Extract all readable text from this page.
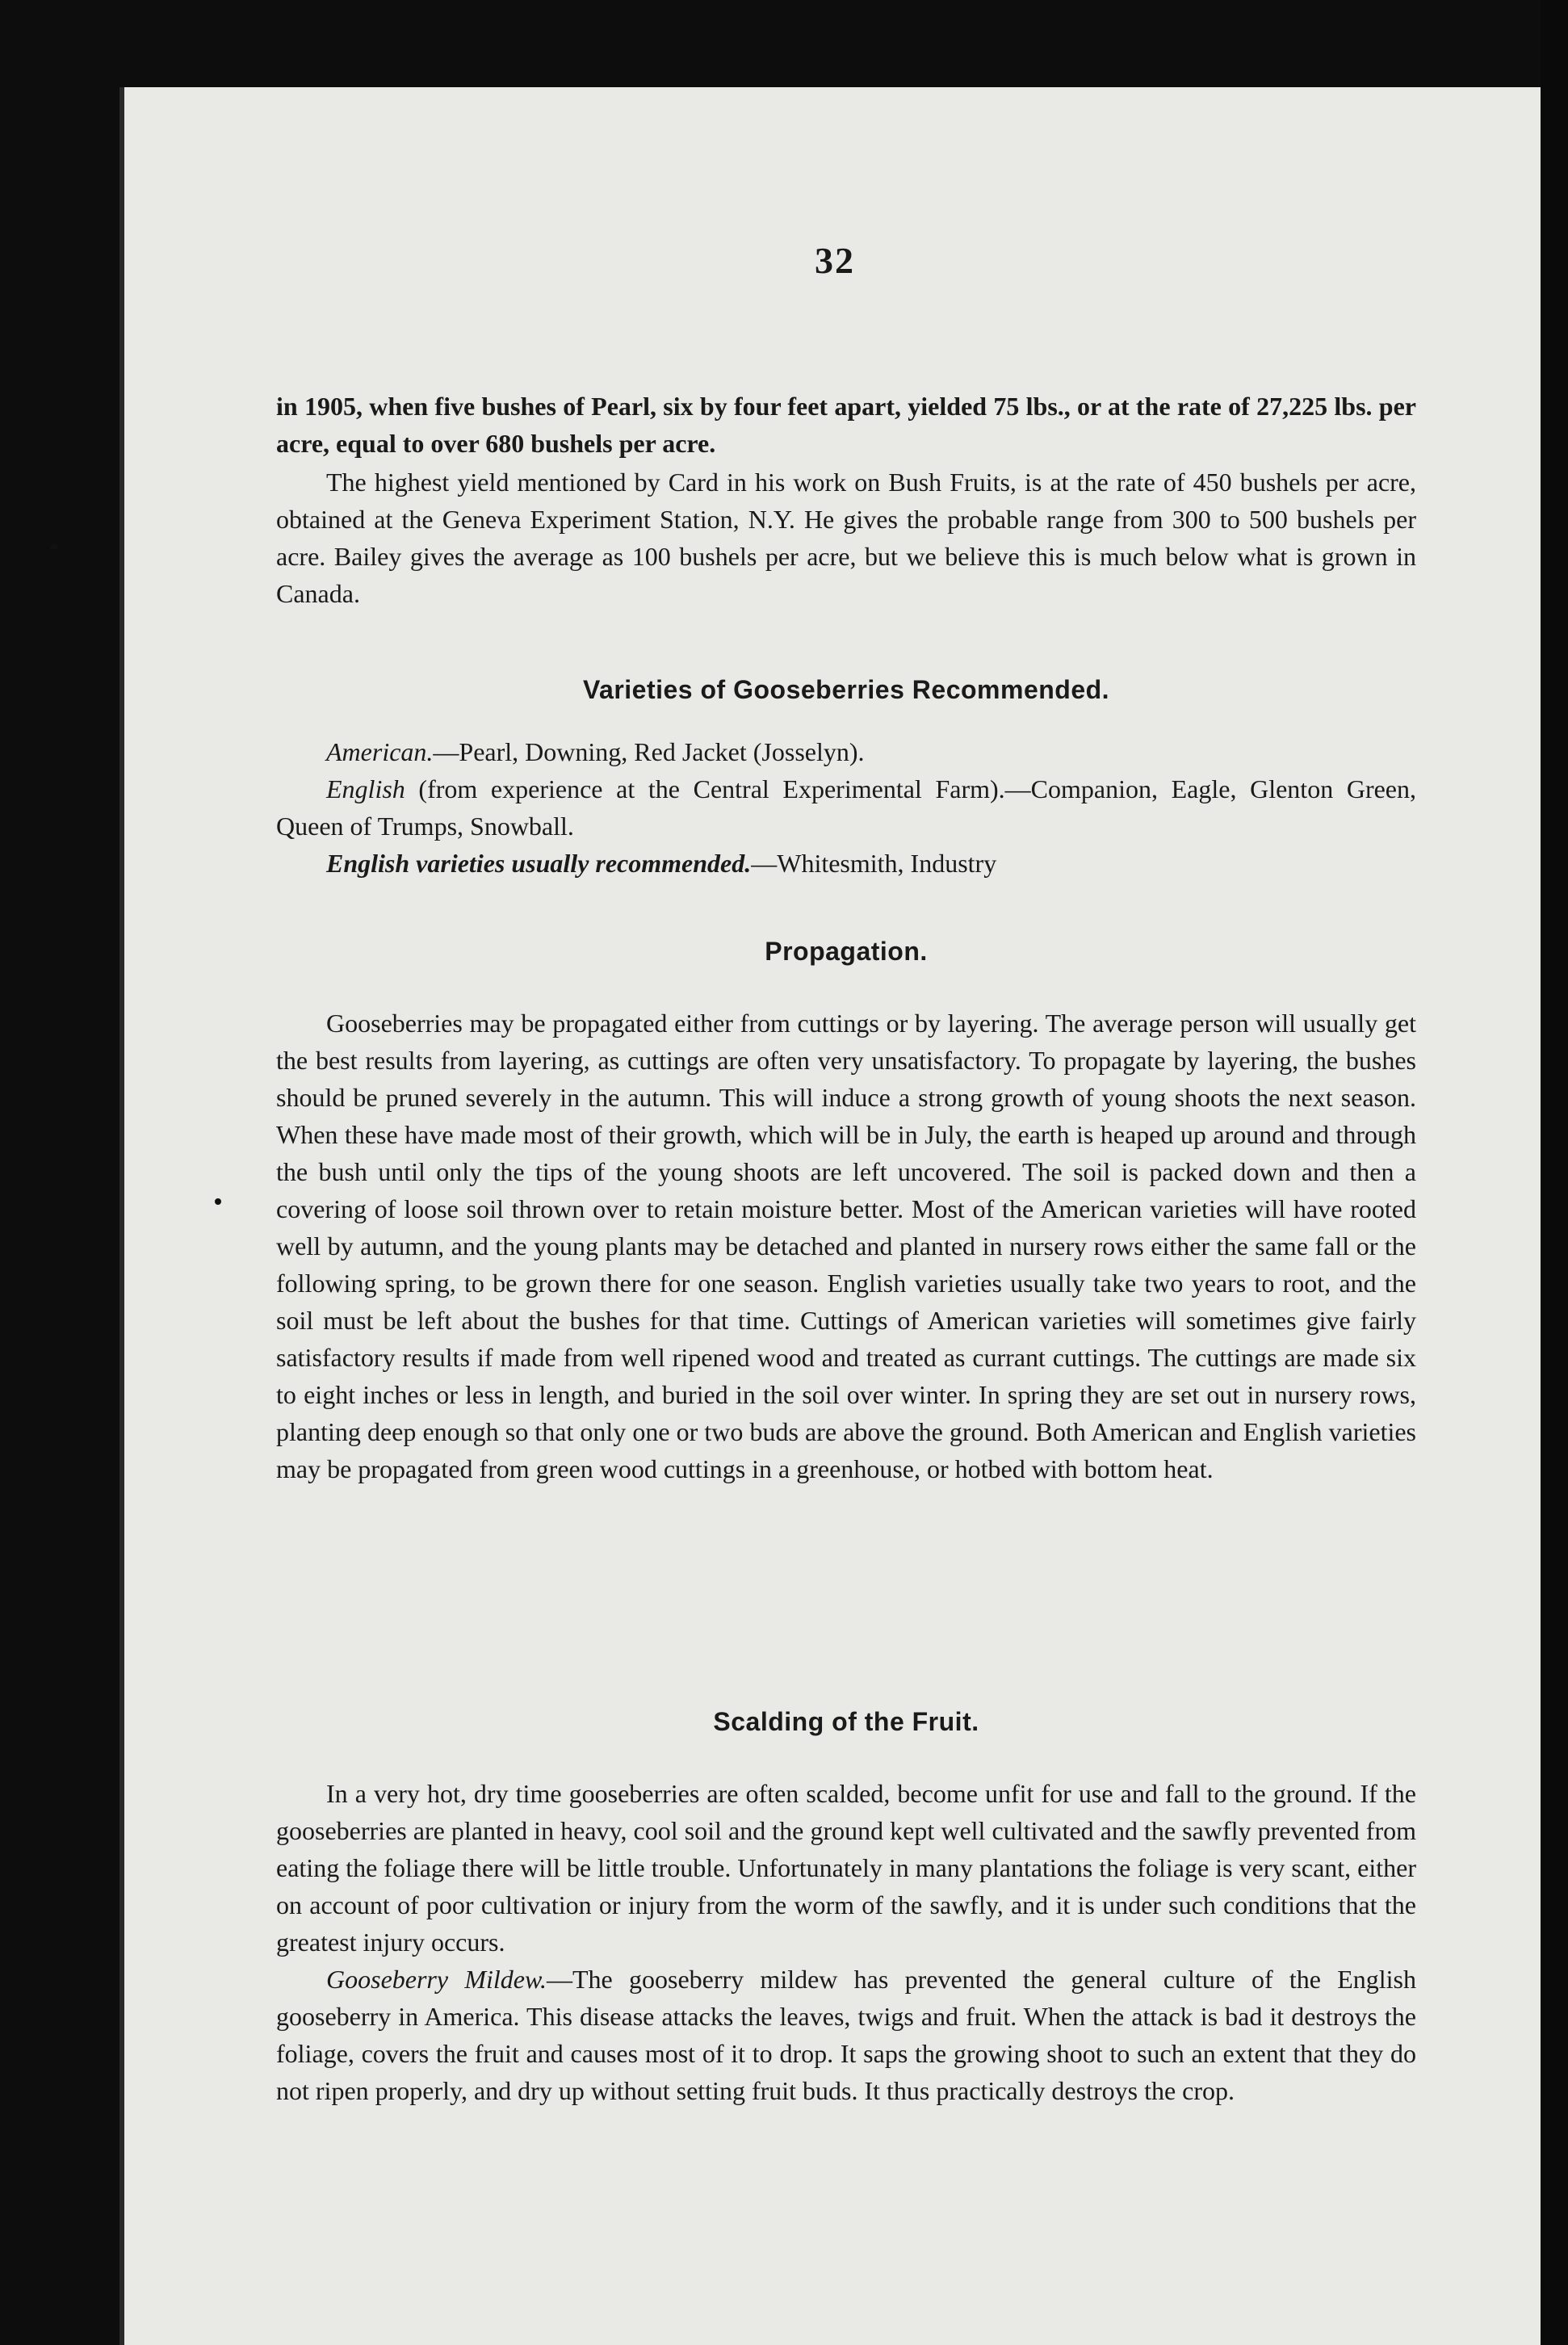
32

in 1905, when five bushes of Pearl, six by four feet apart, yielded 75 lbs., or at the rate of 27,225 lbs. per acre, equal to over 680 bushels per acre.

The highest yield mentioned by Card in his work on Bush Fruits, is at the rate of 450 bushels per acre, obtained at the Geneva Experiment Station, N.Y. He gives the probable range from 300 to 500 bushels per acre. Bailey gives the average as 100 bushels per acre, but we believe this is much below what is grown in Canada.

Varieties of Gooseberries Recommended.

American.—Pearl, Downing, Red Jacket (Josselyn).

English (from experience at the Central Experimental Farm).—Companion, Eagle, Glenton Green, Queen of Trumps, Snowball.

English varieties usually recommended.—Whitesmith, Industry

Propagation.

Gooseberries may be propagated either from cuttings or by layering. The average person will usually get the best results from layering, as cuttings are often very unsatisfactory. To propagate by layering, the bushes should be pruned severely in the autumn. This will induce a strong growth of young shoots the next season. When these have made most of their growth, which will be in July, the earth is heaped up around and through the bush until only the tips of the young shoots are left uncovered. The soil is packed down and then a covering of loose soil thrown over to retain moisture better. Most of the American varieties will have rooted well by autumn, and the young plants may be detached and planted in nursery rows either the same fall or the following spring, to be grown there for one season. English varieties usually take two years to root, and the soil must be left about the bushes for that time. Cuttings of American varieties will sometimes give fairly satisfactory results if made from well ripened wood and treated as currant cuttings. The cuttings are made six to eight inches or less in length, and buried in the soil over winter. In spring they are set out in nursery rows, planting deep enough so that only one or two buds are above the ground. Both American and English varieties may be propagated from green wood cuttings in a greenhouse, or hotbed with bottom heat.

Scalding of the Fruit.

In a very hot, dry time gooseberries are often scalded, become unfit for use and fall to the ground. If the gooseberries are planted in heavy, cool soil and the ground kept well cultivated and the sawfly prevented from eating the foliage there will be little trouble. Unfortunately in many plantations the foliage is very scant, either on account of poor cultivation or injury from the worm of the sawfly, and it is under such conditions that the greatest injury occurs.

Gooseberry Mildew.—The gooseberry mildew has prevented the general culture of the English gooseberry in America. This disease attacks the leaves, twigs and fruit. When the attack is bad it destroys the foliage, covers the fruit and causes most of it to drop. It saps the growing shoot to such an extent that they do not ripen properly, and dry up without setting fruit buds. It thus practically destroys the crop.
